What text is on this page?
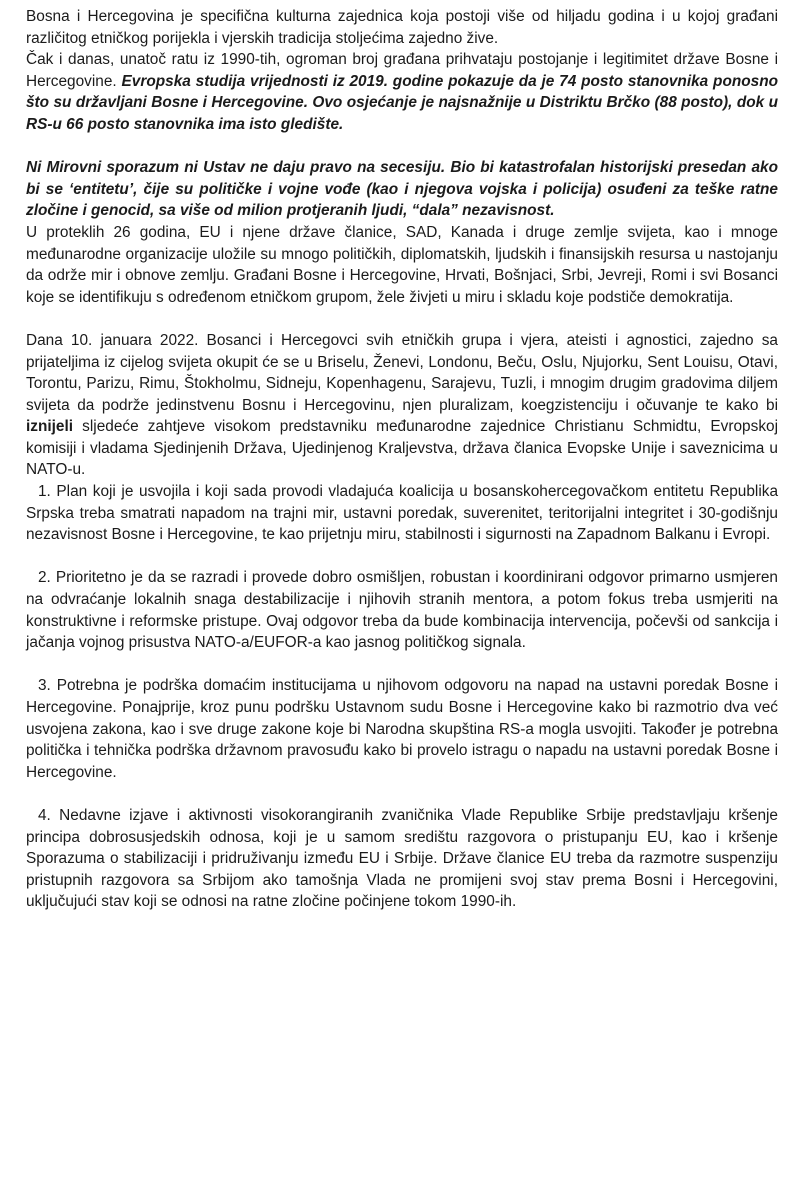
Bosna i Hercegovina je specifična kulturna zajednica koja postoji više od hiljadu godina i u kojoj građani različitog etničkog porijekla i vjerskih tradicija stoljećima zajedno žive.

Čak i danas, unatoč ratu iz 1990-tih, ogroman broj građana prihvataju postojanje i legitimitet države Bosne i Hercegovine. Evropska studija vrijednosti iz 2019. godine pokazuje da je 74 posto stanovnika ponosno što su državljani Bosne i Hercegovine. Ovo osjećanje je najsnažnije u Distriktu Brčko (88 posto), dok u RS-u 66 posto stanovnika ima isto gledište.

Ni Mirovni sporazum ni Ustav ne daju pravo na secesiju. Bio bi katastrofalan historijski presedan ako bi se ‘entitetu’, čije su političke i vojne vođe (kao i njegova vojska i policija) osuđeni za teške ratne zločine i genocid, sa više od milion protjeranih ljudi, “dala” nezavisnost.

U proteklih 26 godina, EU i njene države članice, SAD, Kanada i druge zemlje svijeta, kao i mnoge međunarodne organizacije uložile su mnogo političkih, diplomatskih, ljudskih i finansijskih resursa u nastojanju da održe mir i obnove zemlju. Građani Bosne i Hercegovine, Hrvati, Bošnjaci, Srbi, Jevreji, Romi i svi Bosanci koje se identifikuju s određenom etničkom grupom, žele živjeti u miru i skladu koje podstiče demokratija.

Dana 10. januara 2022. Bosanci i Hercegovci svih etničkih grupa i vjera, ateisti i agnostici, zajedno sa prijateljima iz cijelog svijeta okupit će se u Briselu, Ženevi, Londonu, Beču, Oslu, Njujorku, Sent Louisu, Otavi, Torontu, Parizu, Rimu, Štokholmu, Sidneju, Kopenhagenu, Sarajevu, Tuzli, i mnogim drugim gradovima diljem svijeta da podrže jedinstvenu Bosnu i Hercegovinu, njen pluralizam, koegzistenciju i očuvanje te kako bi iznijeli sljedeće zahtjeve visokom predstavniku međunarodne zajednice Christianu Schmidtu, Evropskoj komisiji i vladama Sjedinjenih Država, Ujedinjenog Kraljevstva, država članica Evopske Unije i saveznicima u NATO-u.

1. Plan koji je usvojila i koji sada provodi vladajuća koalicija u bosanskohercegovačkom entitetu Republika Srpska treba smatrati napadom na trajni mir, ustavni poredak, suverenitet, teritorijalni integritet i 30-godišnju nezavisnost Bosne i Hercegovine, te kao prijetnju miru, stabilnosti i sigurnosti na Zapadnom Balkanu i Evropi.

2. Prioritetno je da se razradi i provede dobro osmišljen, robustan i koordinirani odgovor primarno usmjeren na odvraćanje lokalnih snaga destabilizacije i njihovih stranih mentora, a potom fokus treba usmjeriti na konstruktivne i reformske pristupe. Ovaj odgovor treba da bude kombinacija intervencija, počevši od sankcija i jačanja vojnog prisustva NATO-a/EUFOR-a kao jasnog političkog signala.

3. Potrebna je podrška domaćim institucijama u njihovom odgovoru na napad na ustavni poredak Bosne i Hercegovine. Ponajprije, kroz punu podršku Ustavnom sudu Bosne i Hercegovine kako bi razmotrio dva već usvojena zakona, kao i sve druge zakone koje bi Narodna skupština RS-a mogla usvojiti. Također je potrebna politička i tehnička podrška državnom pravosuđu kako bi provelo istragu o napadu na ustavni poredak Bosne i Hercegovine.

4. Nedavne izjave i aktivnosti visokorangiranih zvaničnika Vlade Republike Srbije predstavljaju kršenje principa dobrosusjedskih odnosa, koji je u samom središtu razgovora o pristupanju EU, kao i kršenje Sporazuma o stabilizaciji i pridruživanju između EU i Srbije. Države članice EU treba da razmotre suspenziju pristupnih razgovora sa Srbijom ako tamošnja Vlada ne promijeni svoj stav prema Bosni i Hercegovini, uključujući stav koji se odnosi na ratne zločine počinjene tokom 1990-ih.
